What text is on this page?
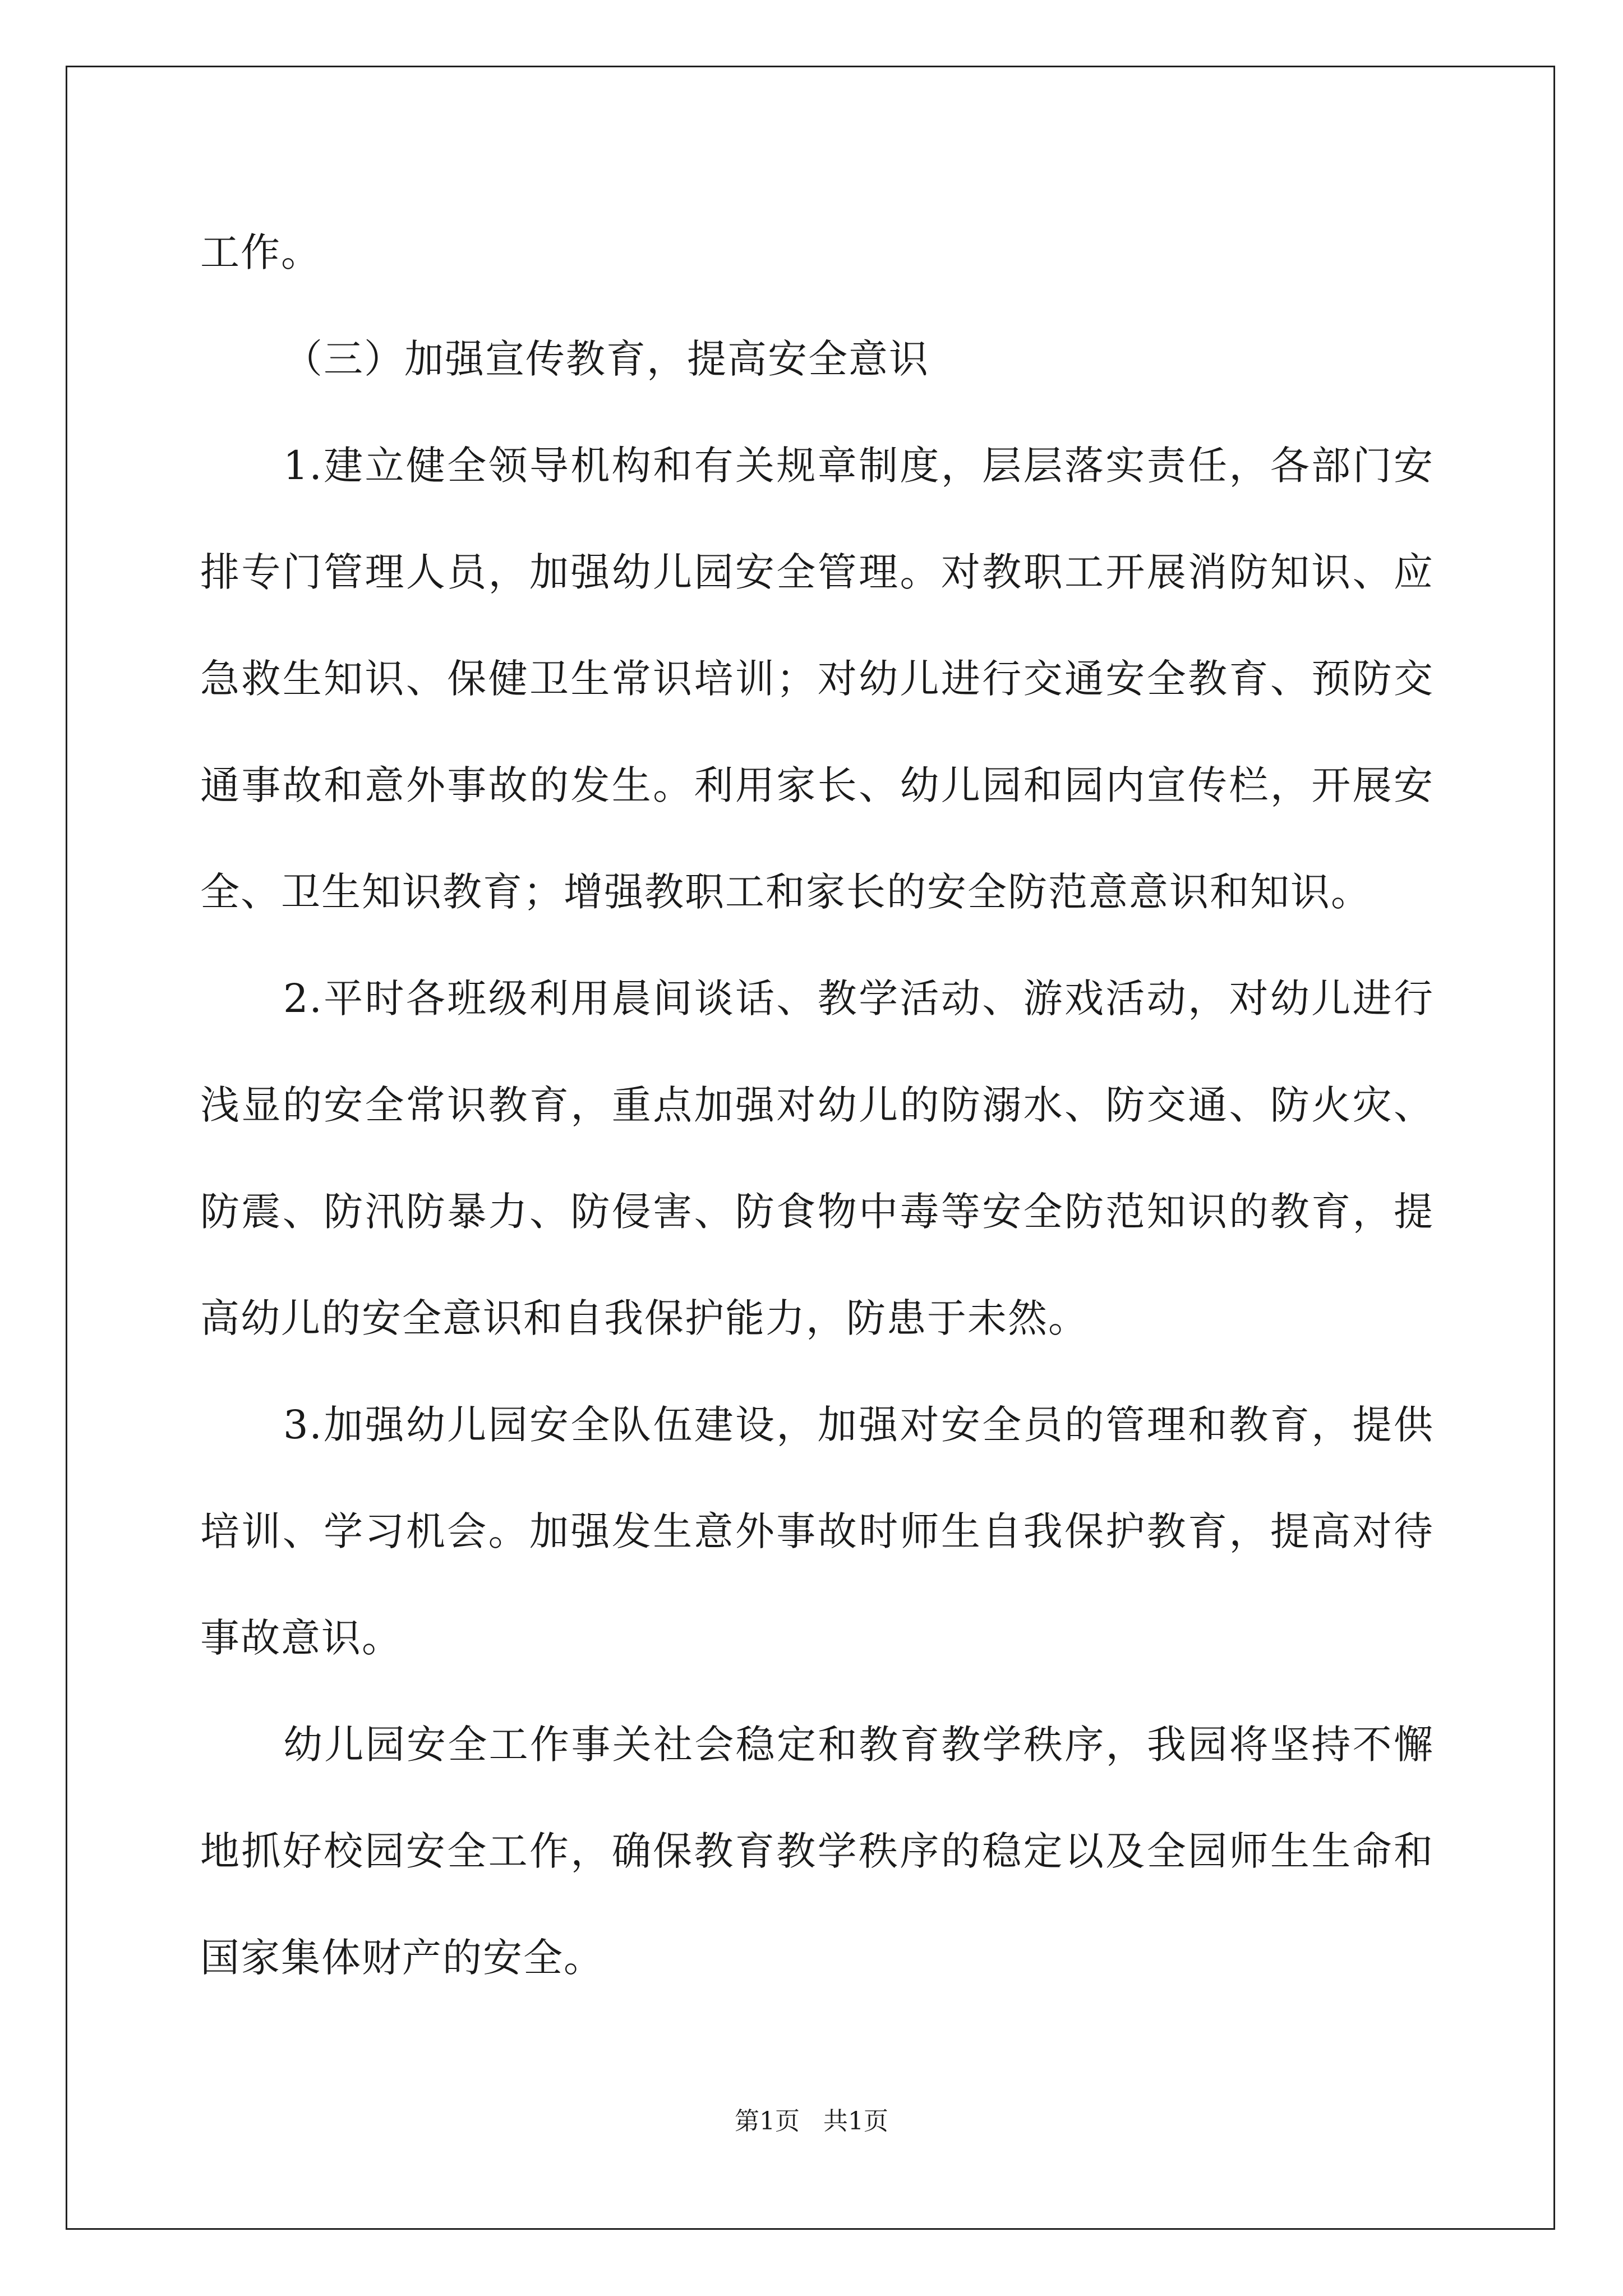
工作。

（三）加强宣传教育，提高安全意识

1.建立健全领导机构和有关规章制度，层层落实责任，各部门安排专门管理人员，加强幼儿园安全管理。对教职工开展消防知识、应急救生知识、保健卫生常识培训；对幼儿进行交通安全教育、预防交通事故和意外事故的发生。利用家长、幼儿园和园内宣传栏，开展安全、卫生知识教育；增强教职工和家长的安全防范意意识和知识。

2.平时各班级利用晨间谈话、教学活动、游戏活动，对幼儿进行浅显的安全常识教育，重点加强对幼儿的防溺水、防交通、防火灾、防震、防汛防暴力、防侵害、防食物中毒等安全防范知识的教育，提高幼儿的安全意识和自我保护能力，防患于未然。

3.加强幼儿园安全队伍建设，加强对安全员的管理和教育，提供培训、学习机会。加强发生意外事故时师生自我保护教育，提高对待事故意识。

幼儿园安全工作事关社会稳定和教育教学秩序，我园将坚持不懈地抓好校园安全工作，确保教育教学秩序的稳定以及全园师生生命和国家集体财产的安全。

第1页 共1页
